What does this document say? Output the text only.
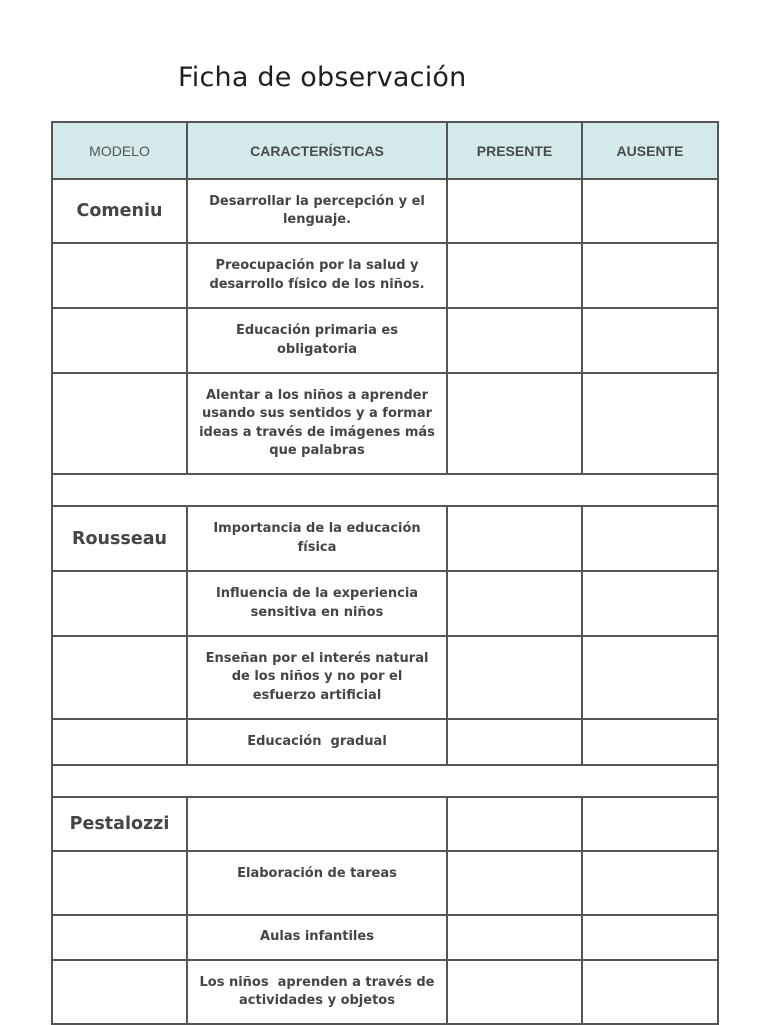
Ficha de observación
MODELO	CARACTERÍSTICAS	PRESENTE	AUSENTE
Comeniu	Desarrollar la percepción y el lenguaje.		
	Preocupación por la salud y desarrollo físico de los niños.		
	Educación primaria es obligatoria		
	Alentar a los niños a aprender usando sus sentidos y a formar ideas a través de imágenes más que palabras		

Rousseau	Importancia de la educación física		
	Influencia de la experiencia sensitiva en niños		
	Enseñan por el interés natural de los niños y no por el esfuerzo artificial		
	Educación  gradual		

Pestalozzi			
	Elaboración de tareas		
	Aulas infantiles		
	Los niños  aprenden a través de actividades y objetos		
